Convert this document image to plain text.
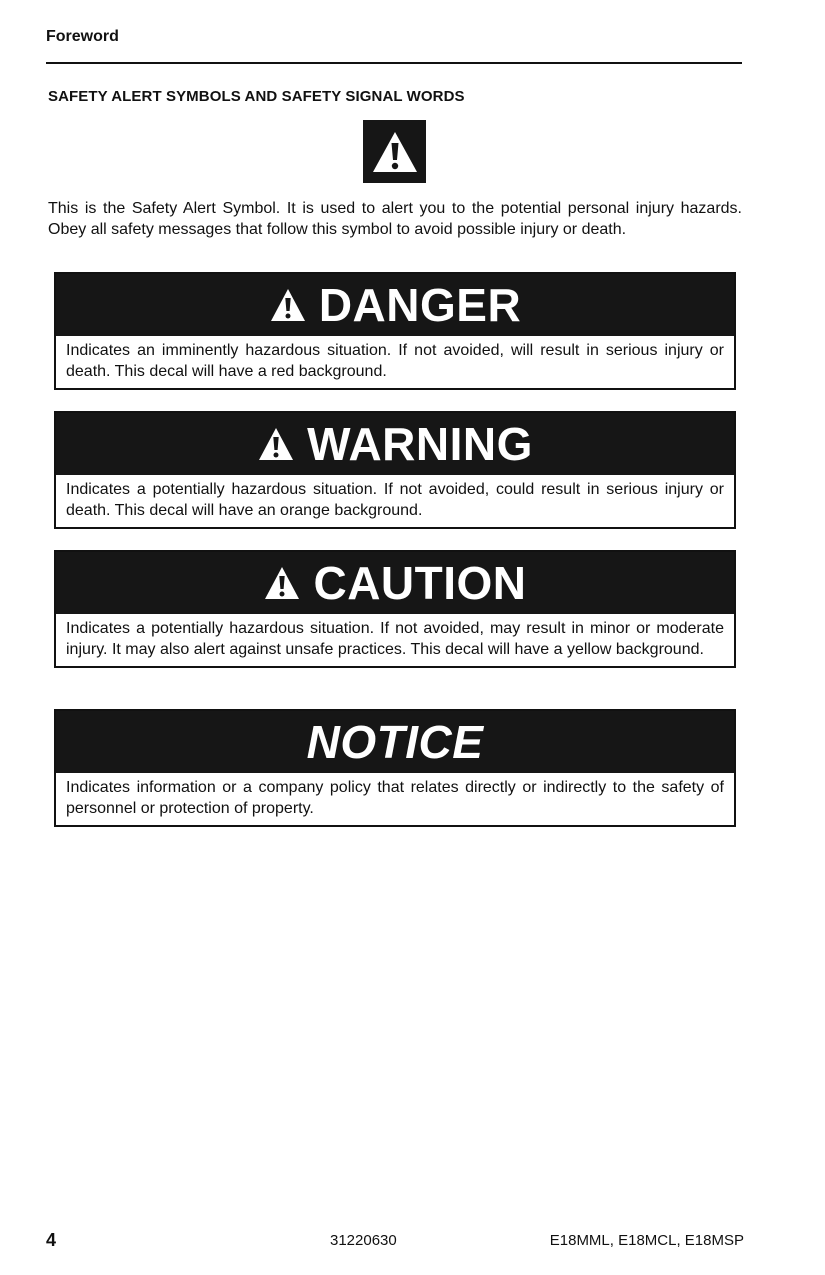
Foreword
SAFETY ALERT SYMBOLS AND SAFETY SIGNAL WORDS
This is the Safety Alert Symbol. It is used to alert you to the potential personal injury hazards. Obey all safety messages that follow this symbol to avoid possible injury or death.
DANGER
Indicates an imminently hazardous situation. If not avoided, will result in serious injury or death. This decal will have a red background.
WARNING
Indicates a potentially hazardous situation. If not avoided, could result in serious injury or death. This decal will have an orange background.
CAUTION
Indicates a potentially hazardous situation. If not avoided, may result in minor or moderate injury. It may also alert against unsafe practices. This decal will have a yellow background.
NOTICE
Indicates information or a company policy that relates directly or indirectly to the safety of personnel or protection of property.
4	31220630	E18MML, E18MCL, E18MSP
